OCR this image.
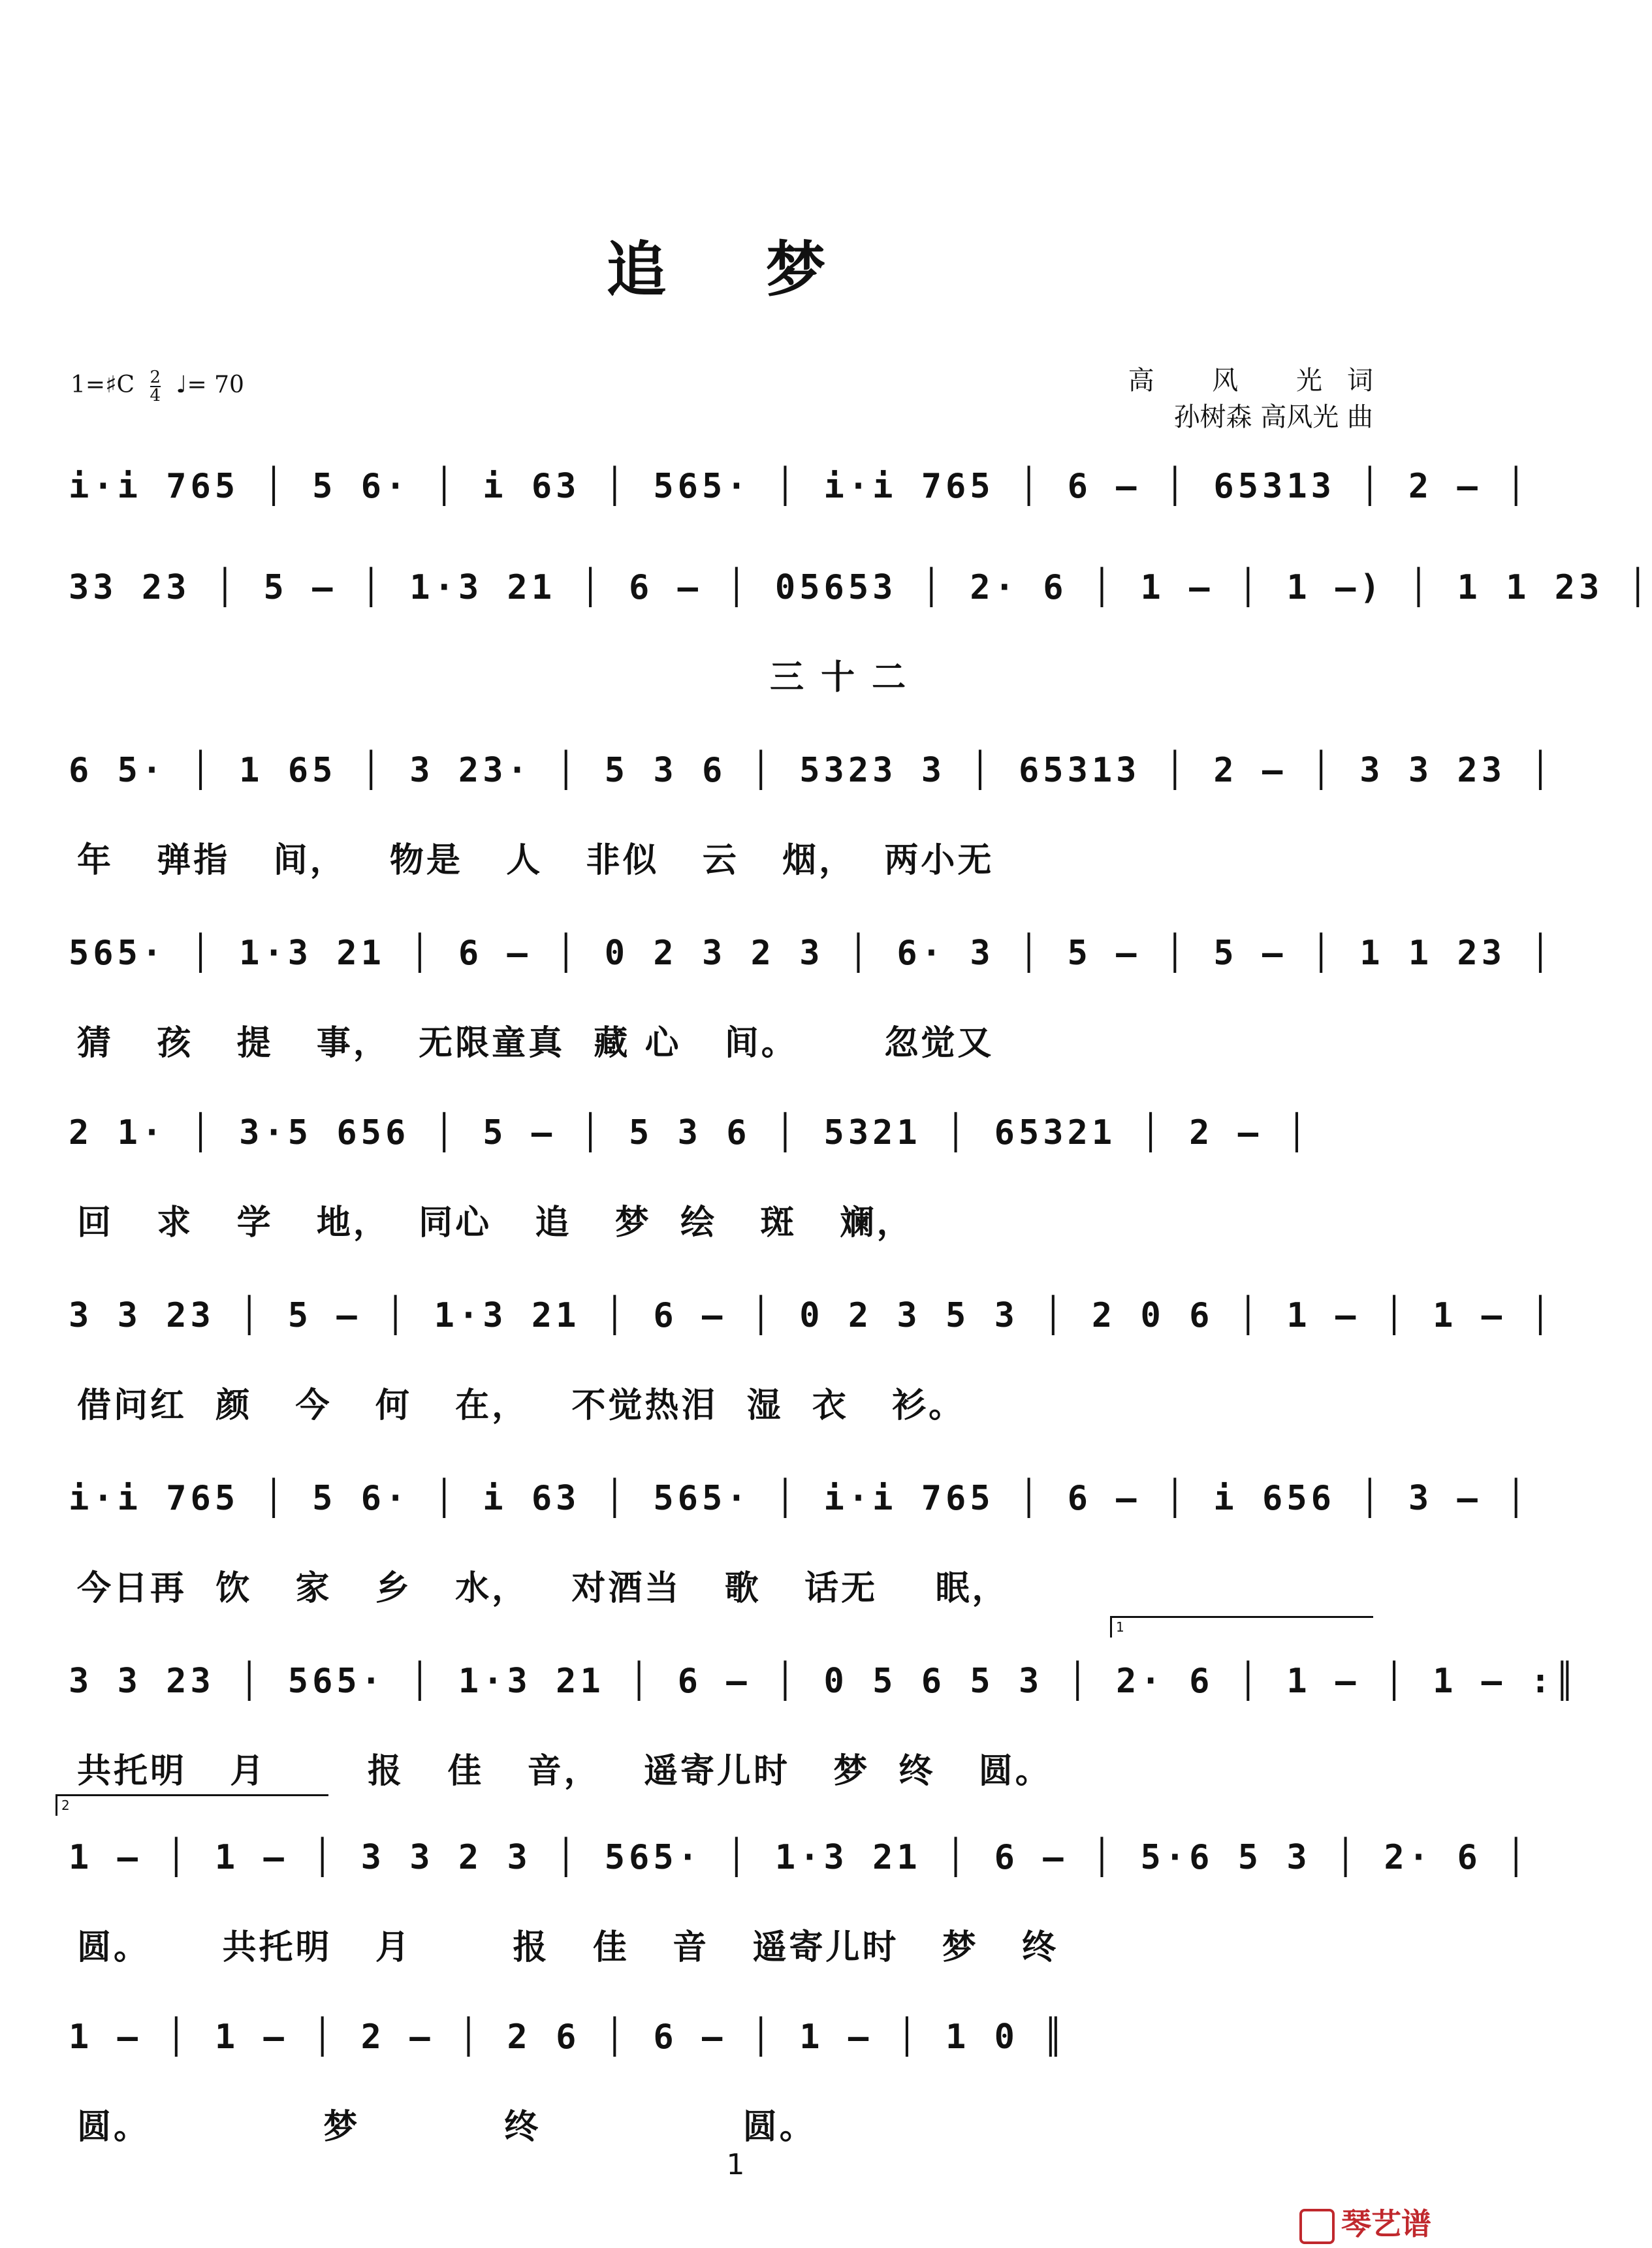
追 梦
1=♯C $\frac{2}{4}$ ♩= 70	高 风 光词
孙树森 高风光 曲
i·i 765 │ 5 6· │ i 63 │ 565· │ i·i 765 │ 6 – │ 65313 │ 2 – │
33 23 │ 5 – │ 1·3 21 │ 6 – │ 05653 │ 2· 6 │ 1 – │ 1 –) │ 1 1 23 │
三 十 二
6 5· │ 1 65 │ 3 23· │ 5 3 6 │ 5323 3 │ 65313 │ 2 – │ 3 3 23 │
年   弹指   间，   物是   人   非似   云   烟，  两小无
565· │ 1·3 21 │ 6 – │ 0 2 3 2 3 │ 6· 3 │ 5 – │ 5 – │ 1 1 23 │
猜   孩   提   事，  无限童真  藏 心   间。      忽觉又
2 1· │ 3·5 656 │ 5 – │ 5 3 6 │ 5321 │ 65321 │ 2 – │
回   求   学   地，  同心   追   梦  绘   斑   斓，
3 3 23 │ 5 – │ 1·3 21 │ 6 – │ 0 2 3 5 3 │ 2 0 6 │ 1 – │ 1 – │
借问红  颜   今   何   在，   不觉热泪  湿  衣   衫。
i·i 765 │ 5 6· │ i 63 │ 565· │ i·i 765 │ 6 – │ i 656 │ 3 – │
今日再  饮   家   乡   水，   对酒当   歌   话无    眠，
1
3 3 23 │ 565· │ 1·3 21 │ 6 – │ 0 5 6 5 3 │ 2· 6 │ 1 – │ 1 – :║
共托明   月       报   佳   音，   遥寄儿时   梦  终   圆。
2
1 – │ 1 – │ 3 3 2 3 │ 565· │ 1·3 21 │ 6 – │ 5·6 5 3 │ 2· 6 │
圆。     共托明   月       报   佳   音   遥寄儿时   梦   终
1 – │ 1 – │ 2 – │ 2 6 │ 6 – │ 1 – │ 1 0 ║
圆。            梦          终              圆。
1
琴艺谱
